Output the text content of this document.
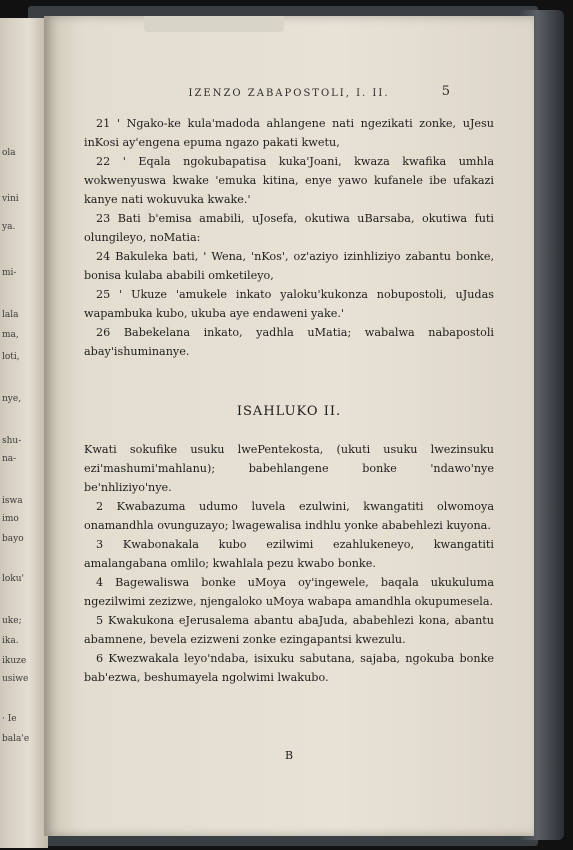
ola
vini
ya.
mi-
lala
ma,
loti,
nye,
shu-
na-
iswa
imo
bayo
loku'
uke;
ika.
ikuze
usiwe
· Ie
bala'e
IZENZO ZABAPOSTOLI, I. II.	5

21 ' Ngako-ke kula'madoda ahlangene nati ngezikati zonke, uJesu inKosi ay'engena epuma ngazo pakati kwetu,

22 ' Eqala ngokubapatisa kuka'Joani, kwaza kwafika umhla wokwenyuswa kwake 'emuka kitina, enye yawo kufanele ibe ufakazi kanye nati wokuvuka kwake.'

23 Bati b'emisa amabili, uJosefa, okutiwa uBarsaba, okutiwa futi olungileyo, noMatia:

24 Bakuleka bati, ' Wena, 'nKos', oz'aziyo izinhliziyo zabantu bonke, bonisa kulaba ababili omketileyo,

25 ' Ukuze 'amukele inkato yaloku'kukonza nobupostoli, uJudas wapambuka kubo, ukuba aye endaweni yake.'

26 Babekelana inkato, yadhla uMatia; wabalwa nabapostoli abay'ishuminanye.

ISAHLUKO II.

Kwati sokufike usuku lwePentekosta, (ukuti usuku lwezinsuku ezi'mashumi'mahlanu); babehlangene bonke 'ndawo'nye be'nhliziyo'nye.

2 Kwabazuma udumo luvela ezulwini, kwangatiti olwomoya onamandhla ovunguzayo; lwagewalisa indhlu yonke ababehlezi kuyona.

3 Kwabonakala kubo ezilwimi ezahlukeneyo, kwangatiti amalangabana omlilo; kwahlala pezu kwabo bonke.

4 Bagewaliswa bonke uMoya oy'ingewele, baqala ukukuluma ngezilwimi zezizwe, njengaloko uMoya wabapa amandhla okupumesela.

5 Kwakukona eJerusalema abantu abaJuda, ababehlezi kona, abantu abamnene, bevela ezizweni zonke ezingapantsi kwezulu.

6 Kwezwakala leyo'ndaba, isixuku sabutana, sajaba, ngokuba bonke bab'ezwa, beshumayela ngolwimi lwakubo.

B
